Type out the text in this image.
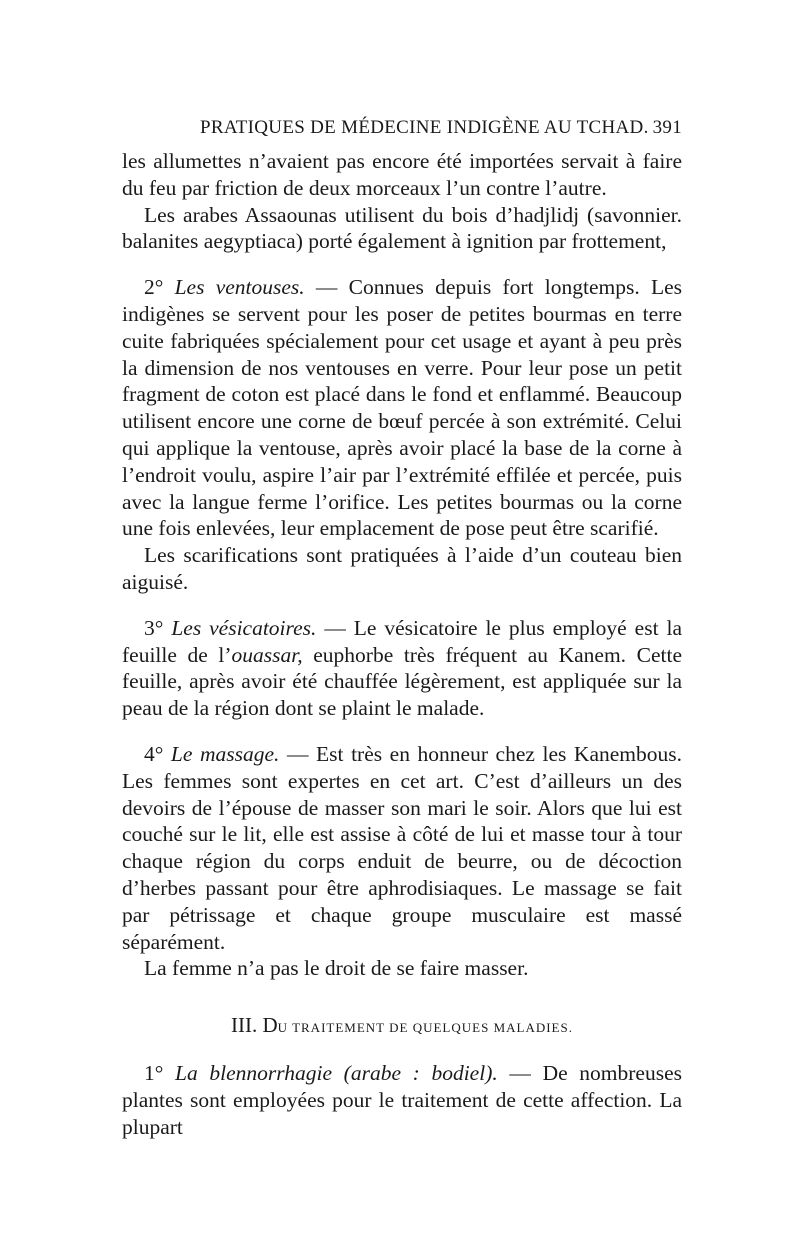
PRATIQUES DE MÉDECINE INDIGÈNE AU TCHAD. 391

les allumettes n’avaient pas encore été importées servait à faire du feu par friction de deux morceaux l’un contre l’autre.

Les arabes Assaounas utilisent du bois d’hadjlidj (savonnier. balanites aegyptiaca) porté également à ignition par frottement,

2° Les ventouses. — Connues depuis fort longtemps. Les indigènes se servent pour les poser de petites bourmas en terre cuite fabriquées spécialement pour cet usage et ayant à peu près la dimension de nos ventouses en verre. Pour leur pose un petit fragment de coton est placé dans le fond et enflammé. Beaucoup utilisent encore une corne de bœuf percée à son extrémité. Celui qui applique la ventouse, après avoir placé la base de la corne à l’endroit voulu, aspire l’air par l’extrémité effilée et percée, puis avec la langue ferme l’orifice. Les petites bourmas ou la corne une fois enlevées, leur emplacement de pose peut être scarifié.

Les scarifications sont pratiquées à l’aide d’un couteau bien aiguisé.

3° Les vésicatoires. — Le vésicatoire le plus employé est la feuille de l’ouassar, euphorbe très fréquent au Kanem. Cette feuille, après avoir été chauffée légèrement, est appliquée sur la peau de la région dont se plaint le malade.

4° Le massage. — Est très en honneur chez les Kanembous. Les femmes sont expertes en cet art. C’est d’ailleurs un des devoirs de l’épouse de masser son mari le soir. Alors que lui est couché sur le lit, elle est assise à côté de lui et masse tour à tour chaque région du corps enduit de beurre, ou de décoction d’herbes passant pour être aphrodisiaques. Le massage se fait par pétrissage et chaque groupe musculaire est massé séparément.

La femme n’a pas le droit de se faire masser.

III. DU TRAITEMENT DE QUELQUES MALADIES.

1° La blennorrhagie (arabe : bodiel). — De nombreuses plantes sont employées pour le traitement de cette affection. La plupart
